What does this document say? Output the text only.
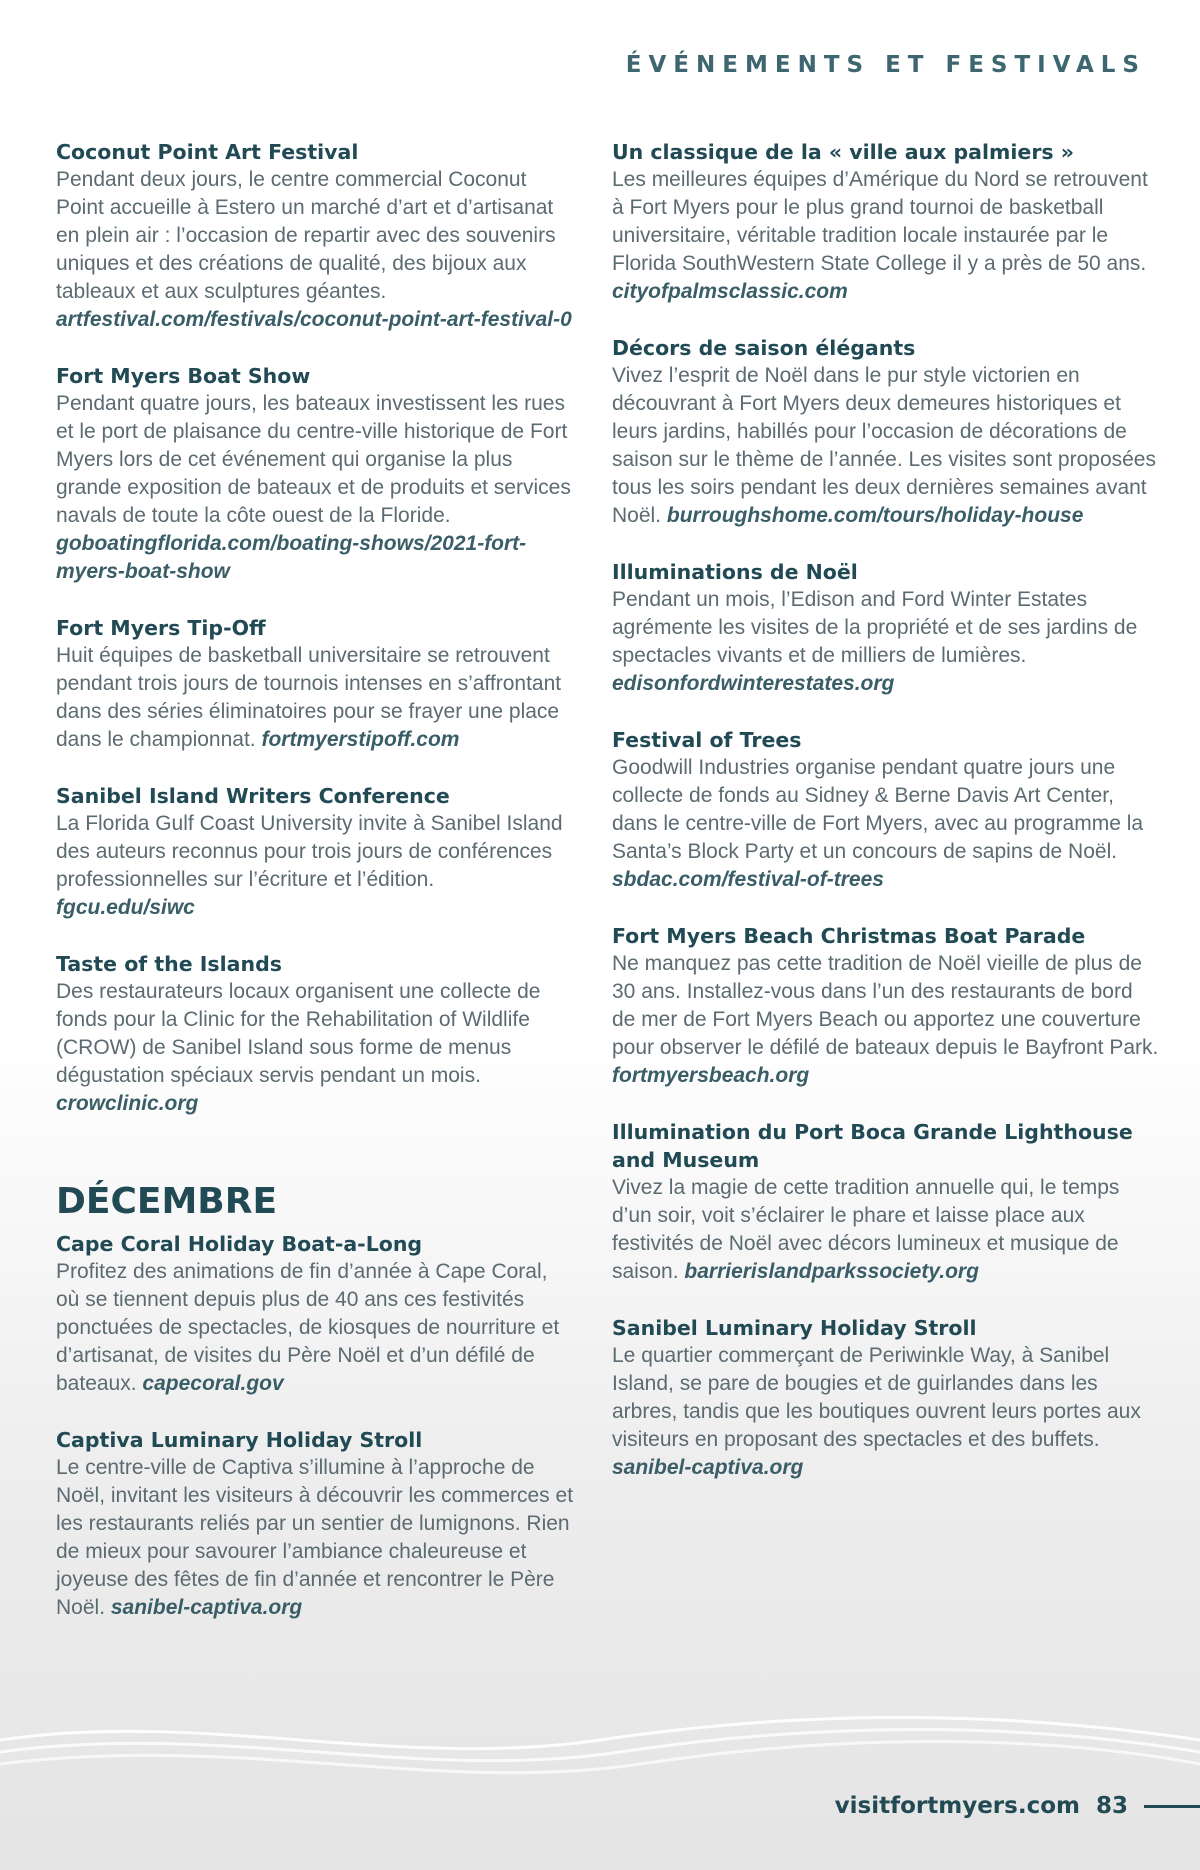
ÉVÉNEMENTS ET FESTIVALS
Coconut Point Art Festival

Pendant deux jours, le centre commercial Coconut Point accueille à Estero un marché d’art et d’artisanat en plein air : l’occasion de repartir avec des souvenirs uniques et des créations de qualité, des bijoux aux tableaux et aux sculptures géantes. artfestival.com/festivals/coconut-point-art-festival-0

Fort Myers Boat Show

Pendant quatre jours, les bateaux investissent les rues et le port de plaisance du centre-ville historique de Fort Myers lors de cet événement qui organise la plus grande exposition de bateaux et de produits et services navals de toute la côte ouest de la Floride. goboatingflorida.com/boating-shows/2021-fort-myers-boat-show

Fort Myers Tip-Off

Huit équipes de basketball universitaire se retrouvent pendant trois jours de tournois intenses en s’affrontant dans des séries éliminatoires pour se frayer une place dans le championnat. fortmyerstipoff.com

Sanibel Island Writers Conference

La Florida Gulf Coast University invite à Sanibel Island des auteurs reconnus pour trois jours de conférences professionnelles sur l’écriture et l’édition. fgcu.edu/siwc

Taste of the Islands

Des restaurateurs locaux organisent une collecte de fonds pour la Clinic for the Rehabilitation of Wildlife (CROW) de Sanibel Island sous forme de menus dégustation spéciaux servis pendant un mois. crowclinic.org

DÉCEMBRE
Cape Coral Holiday Boat-a-Long

Profitez des animations de fin d’année à Cape Coral, où se tiennent depuis plus de 40 ans ces festivités ponctuées de spectacles, de kiosques de nourriture et d’artisanat, de visites du Père Noël et d’un défilé de bateaux. capecoral.gov

Captiva Luminary Holiday Stroll

Le centre-ville de Captiva s’illumine à l’approche de Noël, invitant les visiteurs à découvrir les commerces et les restaurants reliés par un sentier de lumignons. Rien de mieux pour savourer l’ambiance chaleureuse et joyeuse des fêtes de fin d’année et rencontrer le Père Noël. sanibel-captiva.org

Un classique de la « ville aux palmiers »

Les meilleures équipes d’Amérique du Nord se retrouvent à Fort Myers pour le plus grand tournoi de basketball universitaire, véritable tradition locale instaurée par le Florida SouthWestern State College il y a près de 50 ans. cityofpalmsclassic.com

Décors de saison élégants

Vivez l’esprit de Noël dans le pur style victorien en découvrant à Fort Myers deux demeures historiques et leurs jardins, habillés pour l’occasion de décorations de saison sur le thème de l’année. Les visites sont proposées tous les soirs pendant les deux dernières semaines avant Noël. burroughshome.com/tours/holiday-house

Illuminations de Noël

Pendant un mois, l’Edison and Ford Winter Estates agrémente les visites de la propriété et de ses jardins de spectacles vivants et de milliers de lumières. edisonfordwinterestates.org

Festival of Trees

Goodwill Industries organise pendant quatre jours une collecte de fonds au Sidney & Berne Davis Art Center, dans le centre-ville de Fort Myers, avec au programme la Santa’s Block Party et un concours de sapins de Noël. sbdac.com/festival-of-trees

Fort Myers Beach Christmas Boat Parade

Ne manquez pas cette tradition de Noël vieille de plus de 30 ans. Installez-vous dans l’un des restaurants de bord de mer de Fort Myers Beach ou apportez une couverture pour observer le défilé de bateaux depuis le Bayfront Park. fortmyersbeach.org

Illumination du Port Boca Grande Lighthouse and Museum

Vivez la magie de cette tradition annuelle qui, le temps d’un soir, voit s’éclairer le phare et laisse place aux festivités de Noël avec décors lumineux et musique de saison. barrierislandparkssociety.org

Sanibel Luminary Holiday Stroll

Le quartier commerçant de Periwinkle Way, à Sanibel Island, se pare de bougies et de guirlandes dans les arbres, tandis que les boutiques ouvrent leurs portes aux visiteurs en proposant des spectacles et des buffets. sanibel-captiva.org

visitfortmyers.com 83
